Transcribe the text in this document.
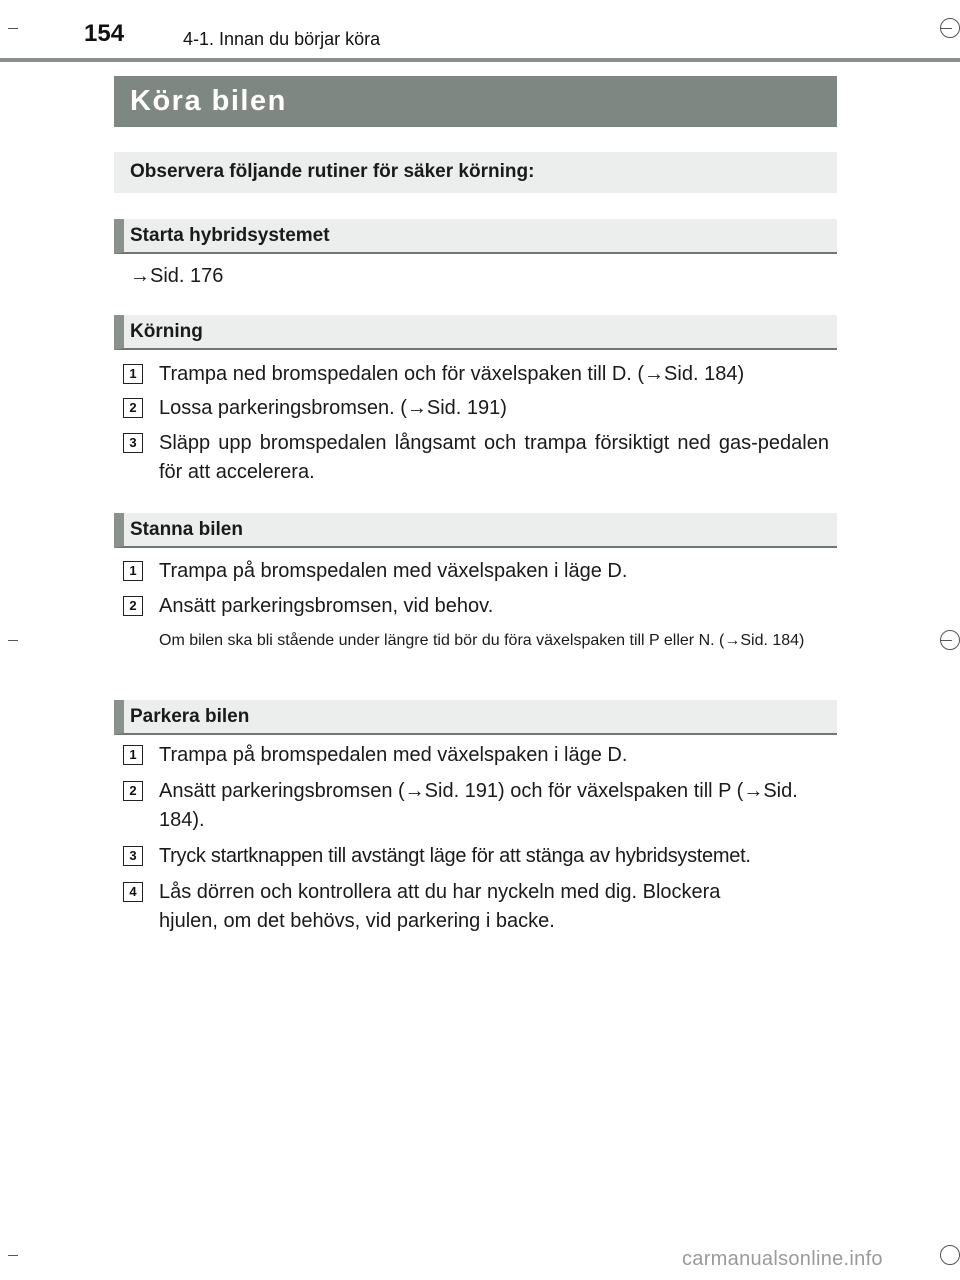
154	4-1. Innan du börjar köra
Köra bilen
Observera följande rutiner för säker körning:
Starta hybridsystemet
→Sid. 176
Körning
1	Trampa ned bromspedalen och för växelspaken till D. (→Sid. 184)
2	Lossa parkeringsbromsen. (→Sid. 191)
3	Släpp upp bromspedalen långsamt och trampa försiktigt ned gas-pedalen för att accelerera.
Stanna bilen
1	Trampa på bromspedalen med växelspaken i läge D.
2	Ansätt parkeringsbromsen, vid behov.
Om bilen ska bli stående under längre tid bör du föra växelspaken till P eller N. (→Sid. 184)
Parkera bilen
1	Trampa på bromspedalen med växelspaken i läge D.
2	Ansätt parkeringsbromsen (→Sid. 191) och för växelspaken till P (→Sid. 184).
3	Tryck startknappen till avstängt läge för att stänga av hybridsystemet.
4	Lås dörren och kontrollera att du har nyckeln med dig. Blockera hjulen, om det behövs, vid parkering i backe.
carmanualsonline.info
